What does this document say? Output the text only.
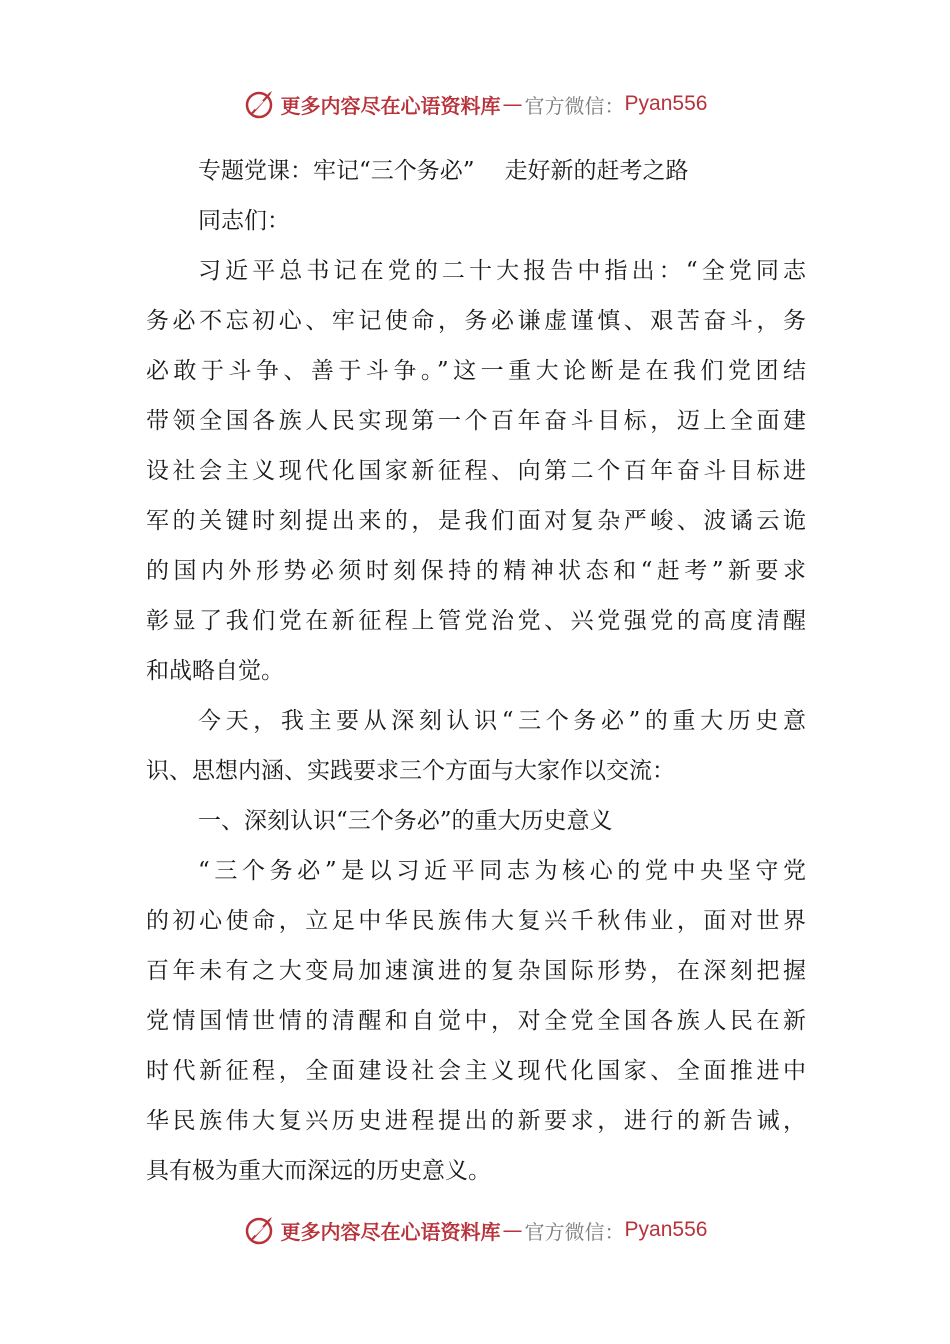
更多内容尽在心语资料库 — 官方微信： Pyan556
专题党课：牢记“三个务必” 走好新的赶考之路
同志们：
习近平总书记在党的二十大报告中指出：“全党同志
务必不忘初心、牢记使命，务必谦虚谨慎、艰苦奋斗，务
必敢于斗争、善于斗争。”这一重大论断是在我们党团结
带领全国各族人民实现第一个百年奋斗目标，迈上全面建
设社会主义现代化国家新征程、向第二个百年奋斗目标进
军的关键时刻提出来的，是我们面对复杂严峻、波谲云诡
的国内外形势必须时刻保持的精神状态和“赶考”新要求
彰显了我们党在新征程上管党治党、兴党强党的高度清醒
和战略自觉。
今天，我主要从深刻认识“三个务必”的重大历史意
识、思想内涵、实践要求三个方面与大家作以交流：
一、深刻认识“三个务必”的重大历史意义
“三个务必”是以习近平同志为核心的党中央坚守党
的初心使命，立足中华民族伟大复兴千秋伟业，面对世界
百年未有之大变局加速演进的复杂国际形势，在深刻把握
党情国情世情的清醒和自觉中，对全党全国各族人民在新
时代新征程，全面建设社会主义现代化国家、全面推进中
华民族伟大复兴历史进程提出的新要求，进行的新告诫，
具有极为重大而深远的历史意义。
更多内容尽在心语资料库 — 官方微信： Pyan556
